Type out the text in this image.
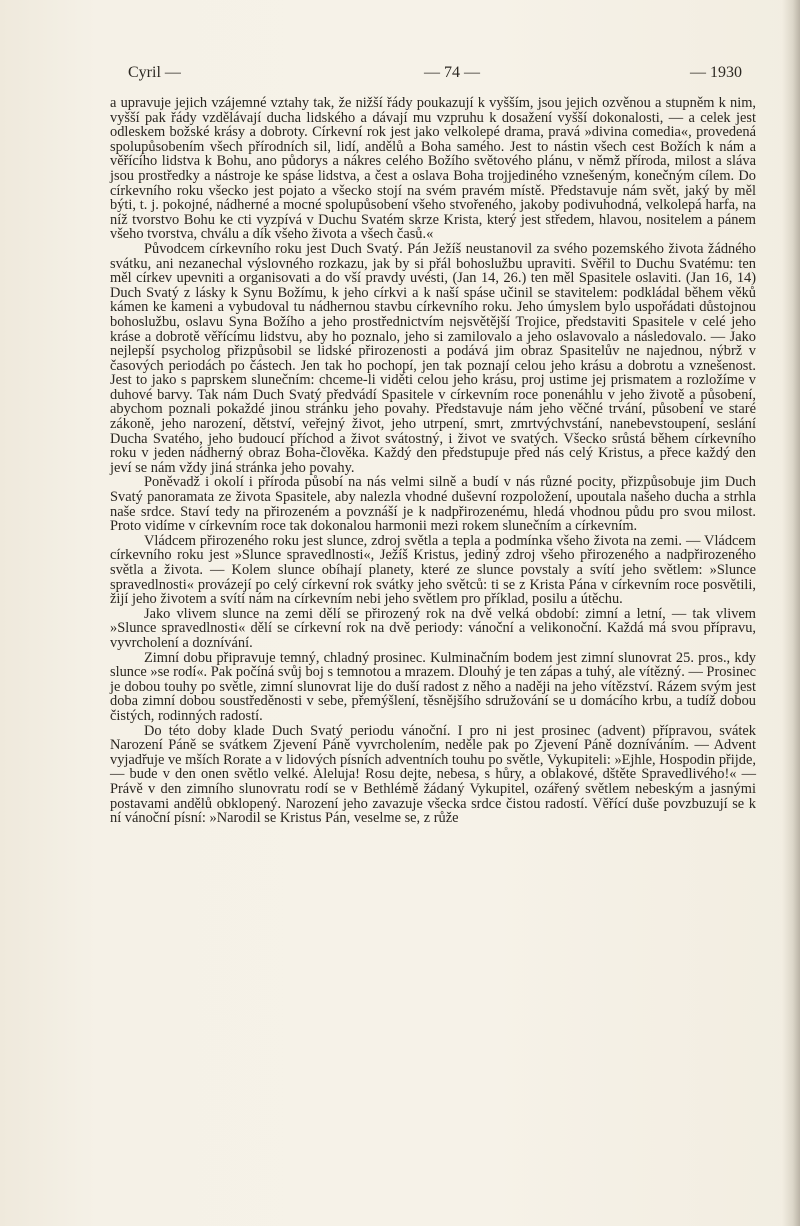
Cyril —	— 74 —	— 1930

a upravuje jejich vzájemné vztahy tak, že nižší řády poukazují k vyšším, jsou jejich ozvěnou a stupněm k nim, vyšší pak řády vzdělávají ducha lidského a dávají mu vzpruhu k dosažení vyšší dokonalosti, — a celek jest odleskem božské krásy a dobroty. Církevní rok jest jako velkolepé drama, pravá »divina comedia«, provedená spolupůsobením všech přírodních sil, lidí, andělů a Boha samého. Jest to nástin všech cest Božích k nám a věřícího lidstva k Bohu, ano půdorys a nákres celého Božího světového plánu, v němž příroda, milost a sláva jsou prostředky a nástroje ke spáse lidstva, a čest a oslava Boha trojjediného vznešeným, konečným cílem. Do církevního roku všecko jest pojato a všecko stojí na svém pravém místě. Představuje nám svět, jaký by měl býti, t. j. pokojné, nádherné a mocné spolupůsobení všeho stvořeného, jakoby podivuhodná, velkolepá harfa, na níž tvorstvo Bohu ke cti vyzpívá v Duchu Svatém skrze Krista, který jest středem, hlavou, nositelem a pánem všeho tvorstva, chválu a dík všeho života a všech časů.«

Původcem církevního roku jest Duch Svatý. Pán Ježíš neustanovil za svého pozemského života žádného svátku, ani nezanechal výslovného rozkazu, jak by si přál bohoslužbu upraviti. Svěřil to Duchu Svatému: ten měl církev upevniti a organisovati a do vší pravdy uvésti, (Jan 14, 26.) ten měl Spasitele oslaviti. (Jan 16, 14) Duch Svatý z lásky k Synu Božímu, k jeho církvi a k naší spáse učinil se stavitelem: podkládal během věků kámen ke kameni a vybudoval tu nádhernou stavbu církevního roku. Jeho úmyslem bylo uspořádati důstojnou bohoslužbu, oslavu Syna Božího a jeho prostřednictvím nejsvětější Trojice, představiti Spasitele v celé jeho kráse a dobrotě věřícímu lidstvu, aby ho poznalo, jeho si zamilovalo a jeho oslavovalo a následovalo. — Jako nejlepší psycholog přizpůsobil se lidské přirozenosti a podává jim obraz Spasitelův ne najednou, nýbrž v časových periodách po částech. Jen tak ho pochopí, jen tak poznají celou jeho krásu a dobrotu a vznešenost. Jest to jako s paprskem slunečním: chceme-li viděti celou jeho krásu, proj ustime jej prismatem a rozložíme v duhové barvy. Tak nám Duch Svatý předvádí Spasitele v církevním roce ponenáhlu v jeho životě a působení, abychom poznali pokaždé jinou stránku jeho povahy. Představuje nám jeho věčné trvání, působení ve staré zákoně, jeho narození, dětství, veřejný život, jeho utrpení, smrt, zmrtvýchvstání, nanebevstoupení, seslání Ducha Svatého, jeho budoucí příchod a život svátostný, i život ve svatých. Všecko srůstá během církevního roku v jeden nádherný obraz Boha-člověka. Každý den předstupuje před nás celý Kristus, a přece každý den jeví se nám vždy jiná stránka jeho povahy.

Poněvadž i okolí i příroda působí na nás velmi silně a budí v nás různé pocity, přizpůsobuje jim Duch Svatý panoramata ze života Spasitele, aby nalezla vhodné duševní rozpoložení, upoutala našeho ducha a strhla naše srdce. Staví tedy na přirozeném a povznáší je k nadpřirozenému, hledá vhodnou půdu pro svou milost. Proto vidíme v církevním roce tak dokonalou harmonii mezi rokem slunečním a církevním.

Vládcem přirozeného roku jest slunce, zdroj světla a tepla a podmínka všeho života na zemi. — Vládcem církevního roku jest »Slunce spravedlnosti«, Ježíš Kristus, jediný zdroj všeho přirozeného a nadpřirozeného světla a života. — Kolem slunce obíhají planety, které ze slunce povstaly a svítí jeho světlem: »Slunce spravedlnosti« provázejí po celý církevní rok svátky jeho světců: ti se z Krista Pána v církevním roce posvětili, žijí jeho životem a svítí nám na církevním nebi jeho světlem pro příklad, posilu a útěchu.

Jako vlivem slunce na zemi dělí se přirozený rok na dvě velká období: zimní a letní, — tak vlivem »Slunce spravedlnosti« dělí se církevní rok na dvě periody: vánoční a velikonoční. Každá má svou přípravu, vyvrcholení a doznívání.

Zimní dobu připravuje temný, chladný prosinec. Kulminačním bodem jest zimní slunovrat 25. pros., kdy slunce »se rodí«. Pak počíná svůj boj s temnotou a mrazem. Dlouhý je ten zápas a tuhý, ale vítězný. — Prosinec je dobou touhy po světle, zimní slunovrat lije do duší radost z něho a naději na jeho vítězství. Rázem svým jest doba zimní dobou soustředěnosti v sebe, přemýšlení, těsnějšího sdružování se u domácího krbu, a tudíž dobou čistých, rodinných radostí.

Do této doby klade Duch Svatý periodu vánoční. I pro ni jest prosinec (advent) přípravou, svátek Narození Páně se svátkem Zjevení Páně vyvrcholením, neděle pak po Zjevení Páně dozníváním. — Advent vyjadřuje ve mších Rorate a v lidových písních adventních touhu po světle, Vykupiteli: »Ejhle, Hospodin přijde, — bude v den onen světlo velké. Aleluja! Rosu dejte, nebesa, s hůry, a oblakové, dštěte Spravedlivého!« — Právě v den zimního slunovratu rodí se v Bethlémě žádaný Vykupitel, ozářený světlem nebeským a jasnými postavami andělů obklopený. Narození jeho zavazuje všecka srdce čistou radostí. Věřící duše povzbuzují se k ní vánoční písní: »Narodil se Kristus Pán, veselme se, z růže
